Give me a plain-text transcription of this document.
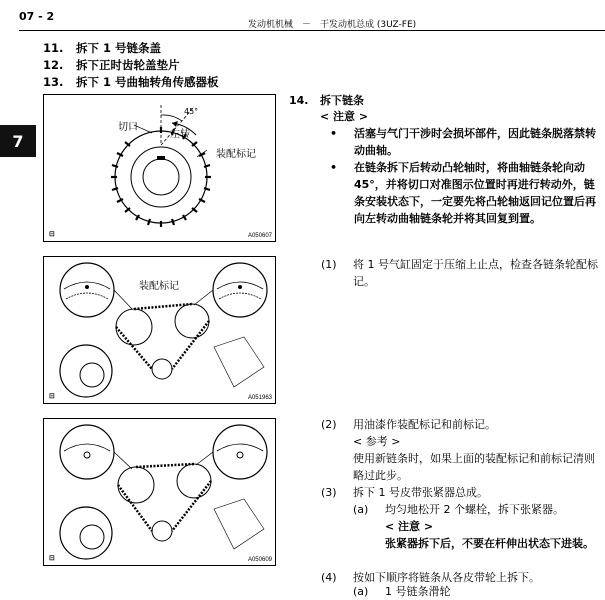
07 - 2
发动机机械　－　干发动机总成 (3UZ-FE)
7
11. 拆下 1 号链条盖
12. 拆下正时齿轮盖垫片
13. 拆下 1 号曲轴转角传感器板
45°
切口
左转
装配标记
⊟	A050607
装配标记
⊟	A051963
⊟	A050609
14.	拆下链条
< 注意 >
• 活塞与气门干涉时会损坏部件，因此链条脱落禁转动曲轴。
• 在链条拆下后转动凸轮轴时，将曲轴链条轮向动 45°，并将切口对准图示位置时再进行转动外，链条安装状态下，一定要先将凸轮轴返回记位置后再向左转动曲轴链条轮并将其回复到置。
(1) 将 1 号气缸固定于压缩上止点，检查各链条轮配标记。
(2) 用油漆作装配标记和前标记。
< 参考 >
使用新链条时，如果上面的装配标记和前标记清则略过此步。
(3) 拆下 1 号皮带张紧器总成。
(a) 均匀地松开 2 个螺栓，拆下张紧器。
< 注意 >
张紧器拆下后，不要在杆伸出状态下进装。
(4) 按如下顺序将链条从各皮带轮上拆下。
(a) 1 号链条滑轮
